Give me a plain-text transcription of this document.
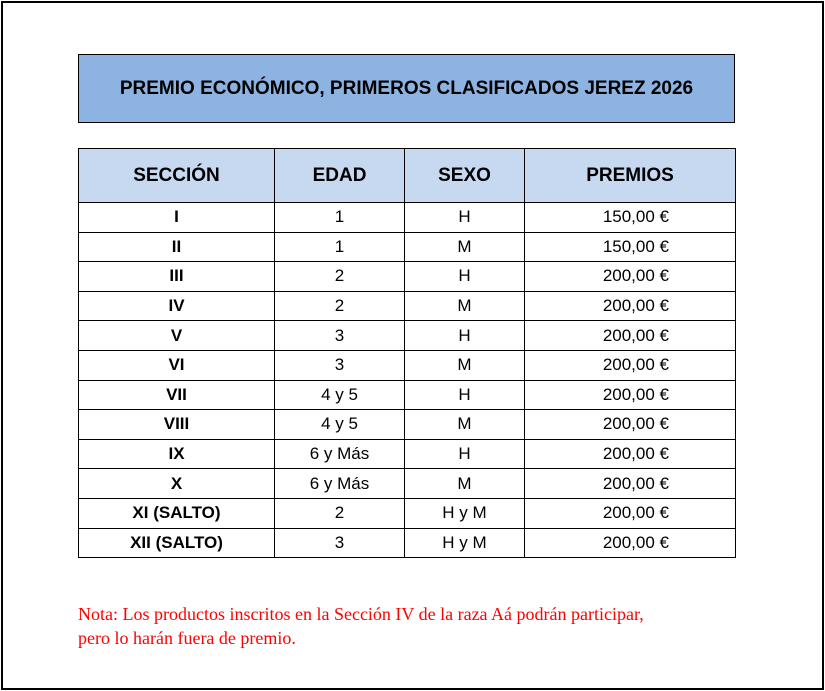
PREMIO ECONÓMICO, PRIMEROS CLASIFICADOS JEREZ 2026
SECCIÓN	EDAD	SEXO	PREMIOS
I	1	H	150,00 €
II	1	M	150,00 €
III	2	H	200,00 €
IV	2	M	200,00 €
V	3	H	200,00 €
VI	3	M	200,00 €
VII	4 y 5	H	200,00 €
VIII	4 y 5	M	200,00 €
IX	6 y Más	H	200,00 €
X	6 y Más	M	200,00 €
XI (SALTO)	2	H y M	200,00 €
XII (SALTO)	3	H y M	200,00 €
Nota: Los productos inscritos en la Sección IV de la raza Aá podrán participar,
pero lo harán fuera de premio.
